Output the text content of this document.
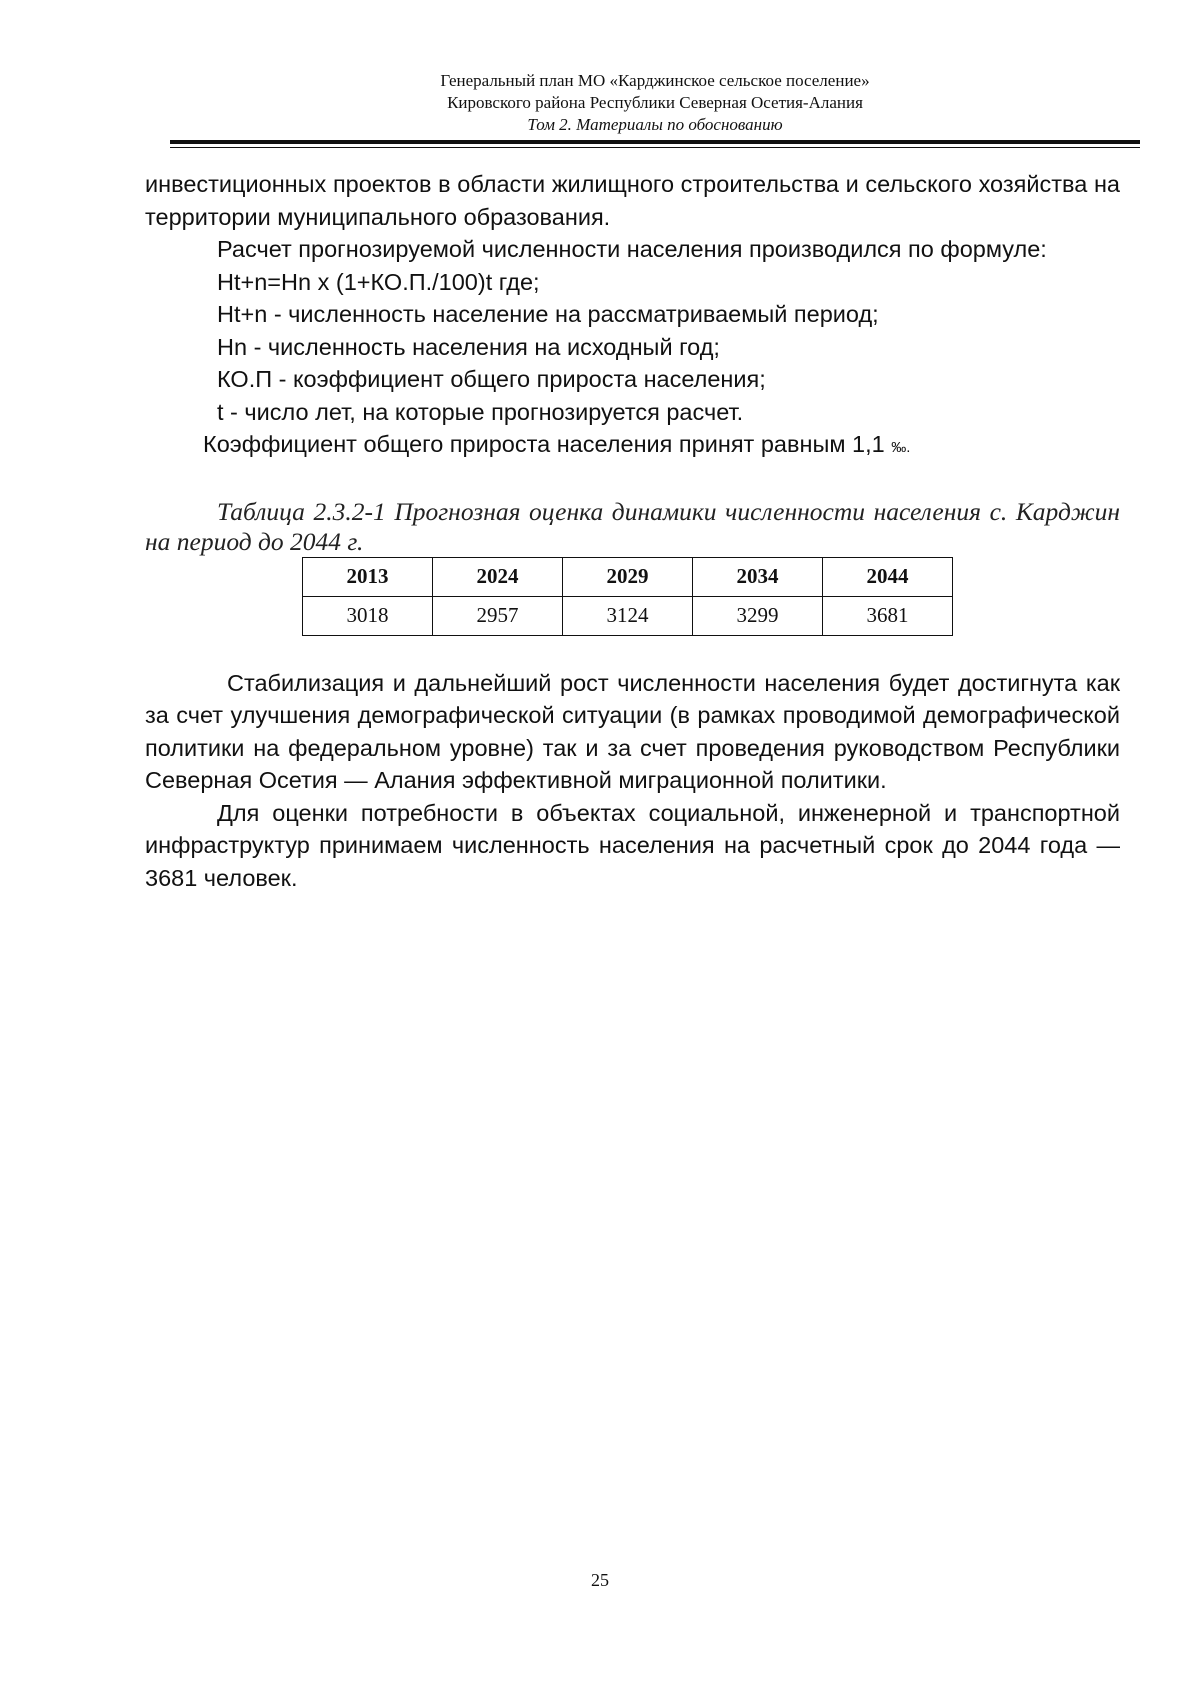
Генеральный план МО «Карджинское сельское поселение»
Кировского района Республики Северная Осетия-Алания
Том 2. Материалы по обоснованию

инвестиционных проектов в области жилищного строительства и сельского хозяйства на территории муниципального образования.

Расчет прогнозируемой численности населения производился по формуле:

Нt+n=Нn х (1+КО.П./100)t где;

Нt+n - численность население на рассматриваемый период;

Нn - численность населения на исходный год;

КО.П - коэффициент общего прироста населения;

t - число лет, на которые прогнозируется расчет.

Коэффициент общего прироста населения принят равным 1,1 ‰.

Таблица 2.3.2-1 Прогнозная оценка динамики численности населения с. Карджин на период до 2044 г.

2013	2024	2029	2034	2044
3018	2957	3124	3299	3681

Стабилизация и дальнейший рост численности населения будет достигнута как за счет улучшения демографической ситуации (в рамках проводимой демографической политики на федеральном уровне) так и за счет проведения руководством Республики Северная Осетия — Алания эффективной миграционной политики.

Для оценки потребности в объектах социальной, инженерной и транспортной инфраструктур принимаем численность населения на расчетный срок до 2044 года — 3681 человек.

25
